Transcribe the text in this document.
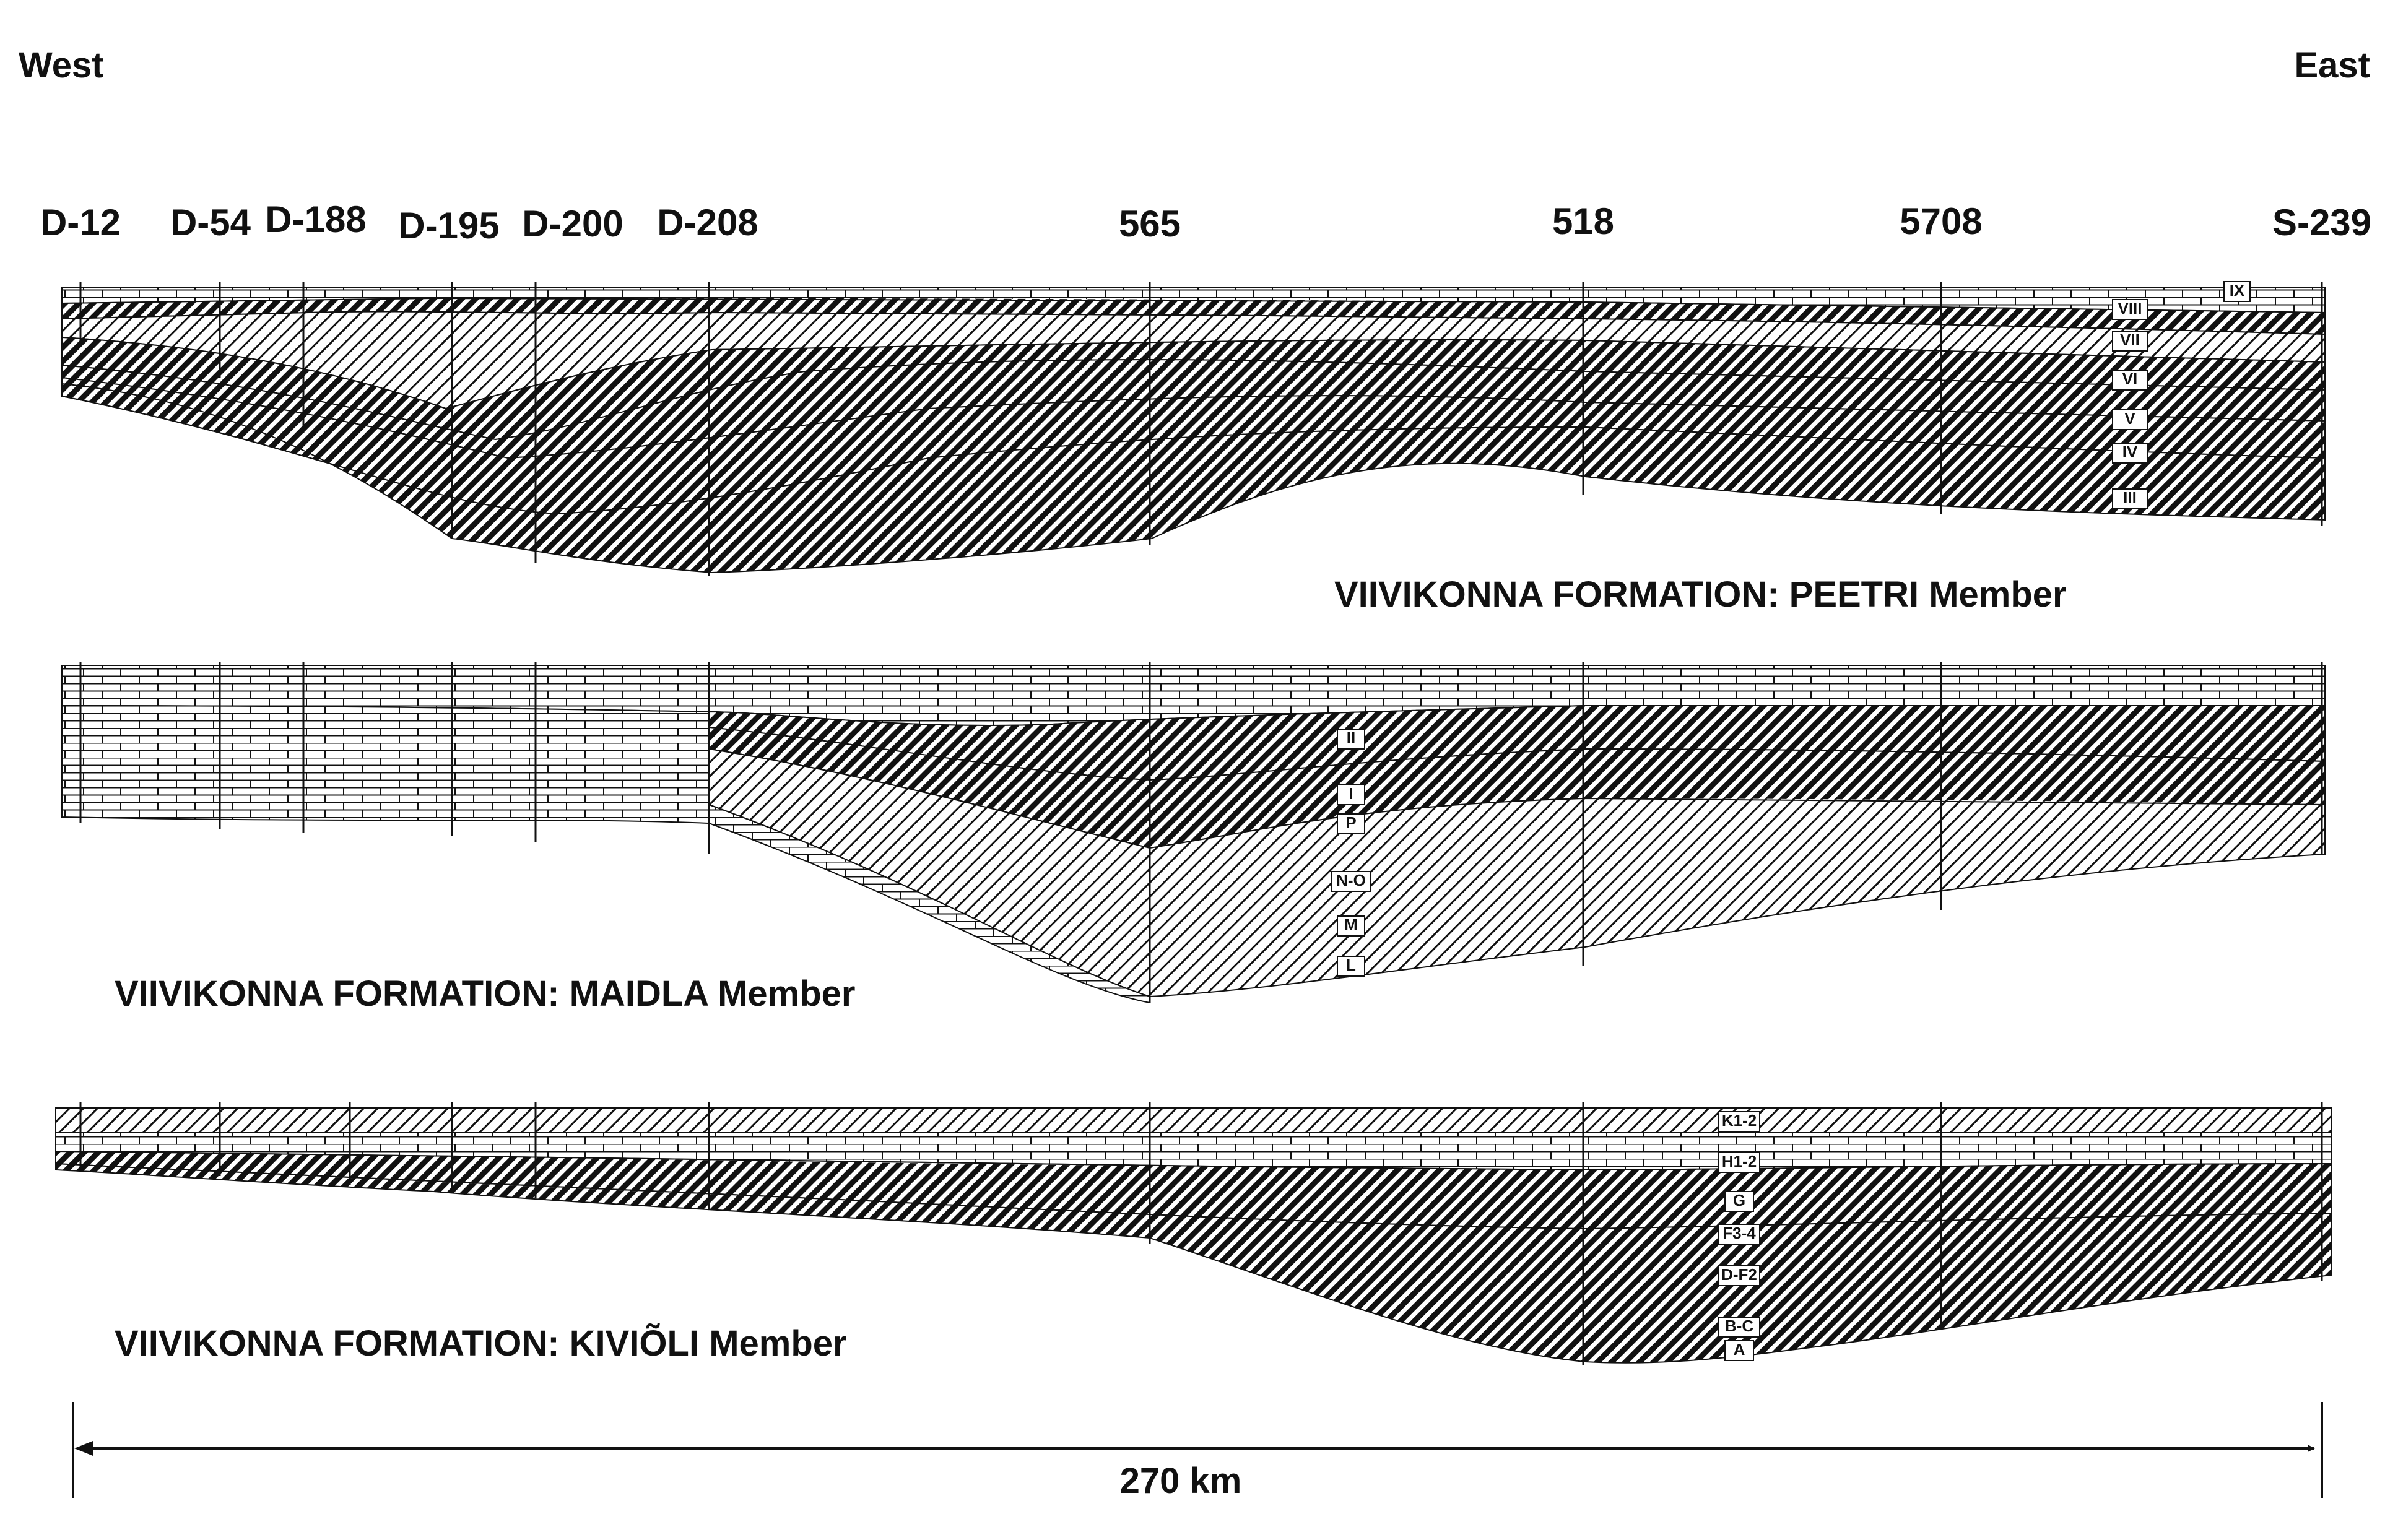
West	East
D-12 D-54 D-188 D-195 D-200 D-208	565	518	5708	S-239
IX
VIII
VII
VI
V
IV
III
VIIVIKONNA FORMATION: PEETRI Member
II
I
P
N-O
M
L
VIIVIKONNA FORMATION: MAIDLA Member
K1-2
H1-2
G
F3-4
D-F2
B-C
A
VIIVIKONNA FORMATION: KIVIÕLI Member
270 km
